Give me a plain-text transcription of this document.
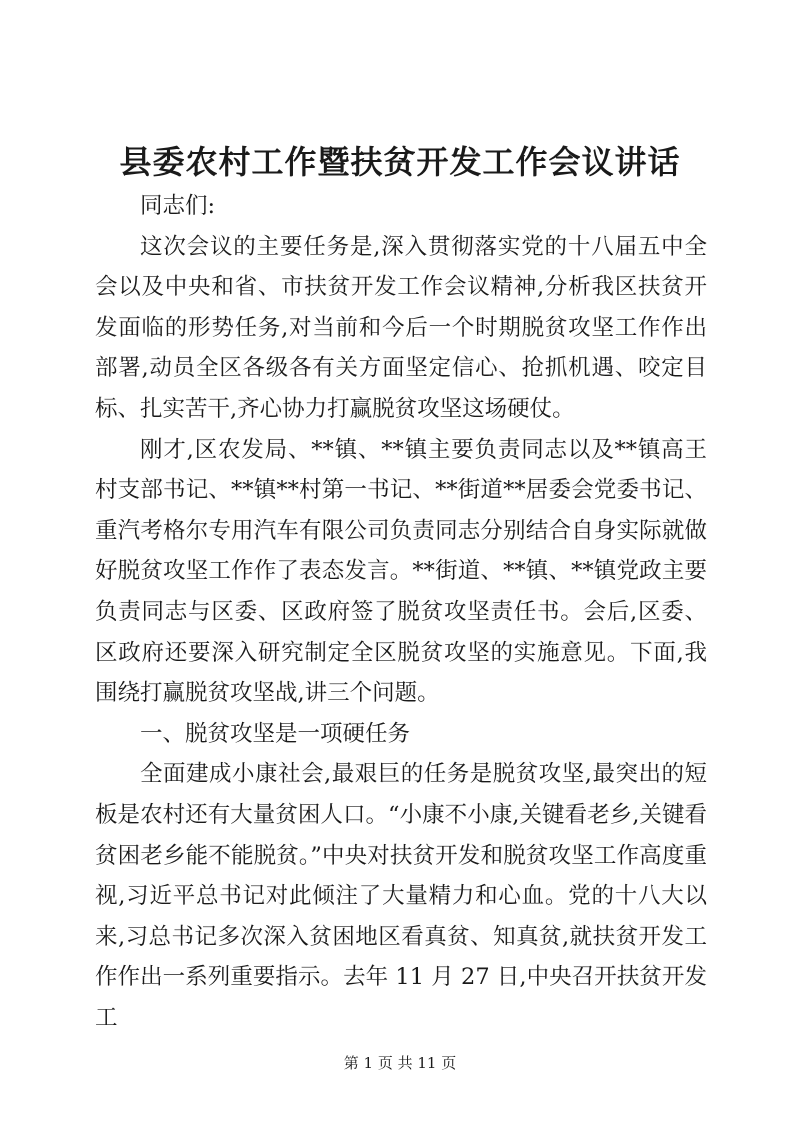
县委农村工作暨扶贫开发工作会议讲话

同志们:

这次会议的主要任务是,深入贯彻落实党的十八届五中全会以及中央和省、市扶贫开发工作会议精神,分析我区扶贫开发面临的形势任务,对当前和今后一个时期脱贫攻坚工作作出部署,动员全区各级各有关方面坚定信心、抢抓机遇、咬定目标、扎实苦干,齐心协力打赢脱贫攻坚这场硬仗。

刚才,区农发局、**镇、**镇主要负责同志以及**镇高王村支部书记、**镇**村第一书记、**街道**居委会党委书记、重汽考格尔专用汽车有限公司负责同志分别结合自身实际就做好脱贫攻坚工作作了表态发言。**街道、**镇、**镇党政主要负责同志与区委、区政府签了脱贫攻坚责任书。会后,区委、区政府还要深入研究制定全区脱贫攻坚的实施意见。下面,我围绕打赢脱贫攻坚战,讲三个问题。

一、脱贫攻坚是一项硬任务

全面建成小康社会,最艰巨的任务是脱贫攻坚,最突出的短板是农村还有大量贫困人口。“小康不小康,关键看老乡,关键看贫困老乡能不能脱贫。”中央对扶贫开发和脱贫攻坚工作高度重视,习近平总书记对此倾注了大量精力和心血。党的十八大以来,习总书记多次深入贫困地区看真贫、知真贫,就扶贫开发工作作出一系列重要指示。去年 11 月 27 日,中央召开扶贫开发工

第 1 页 共 11 页
